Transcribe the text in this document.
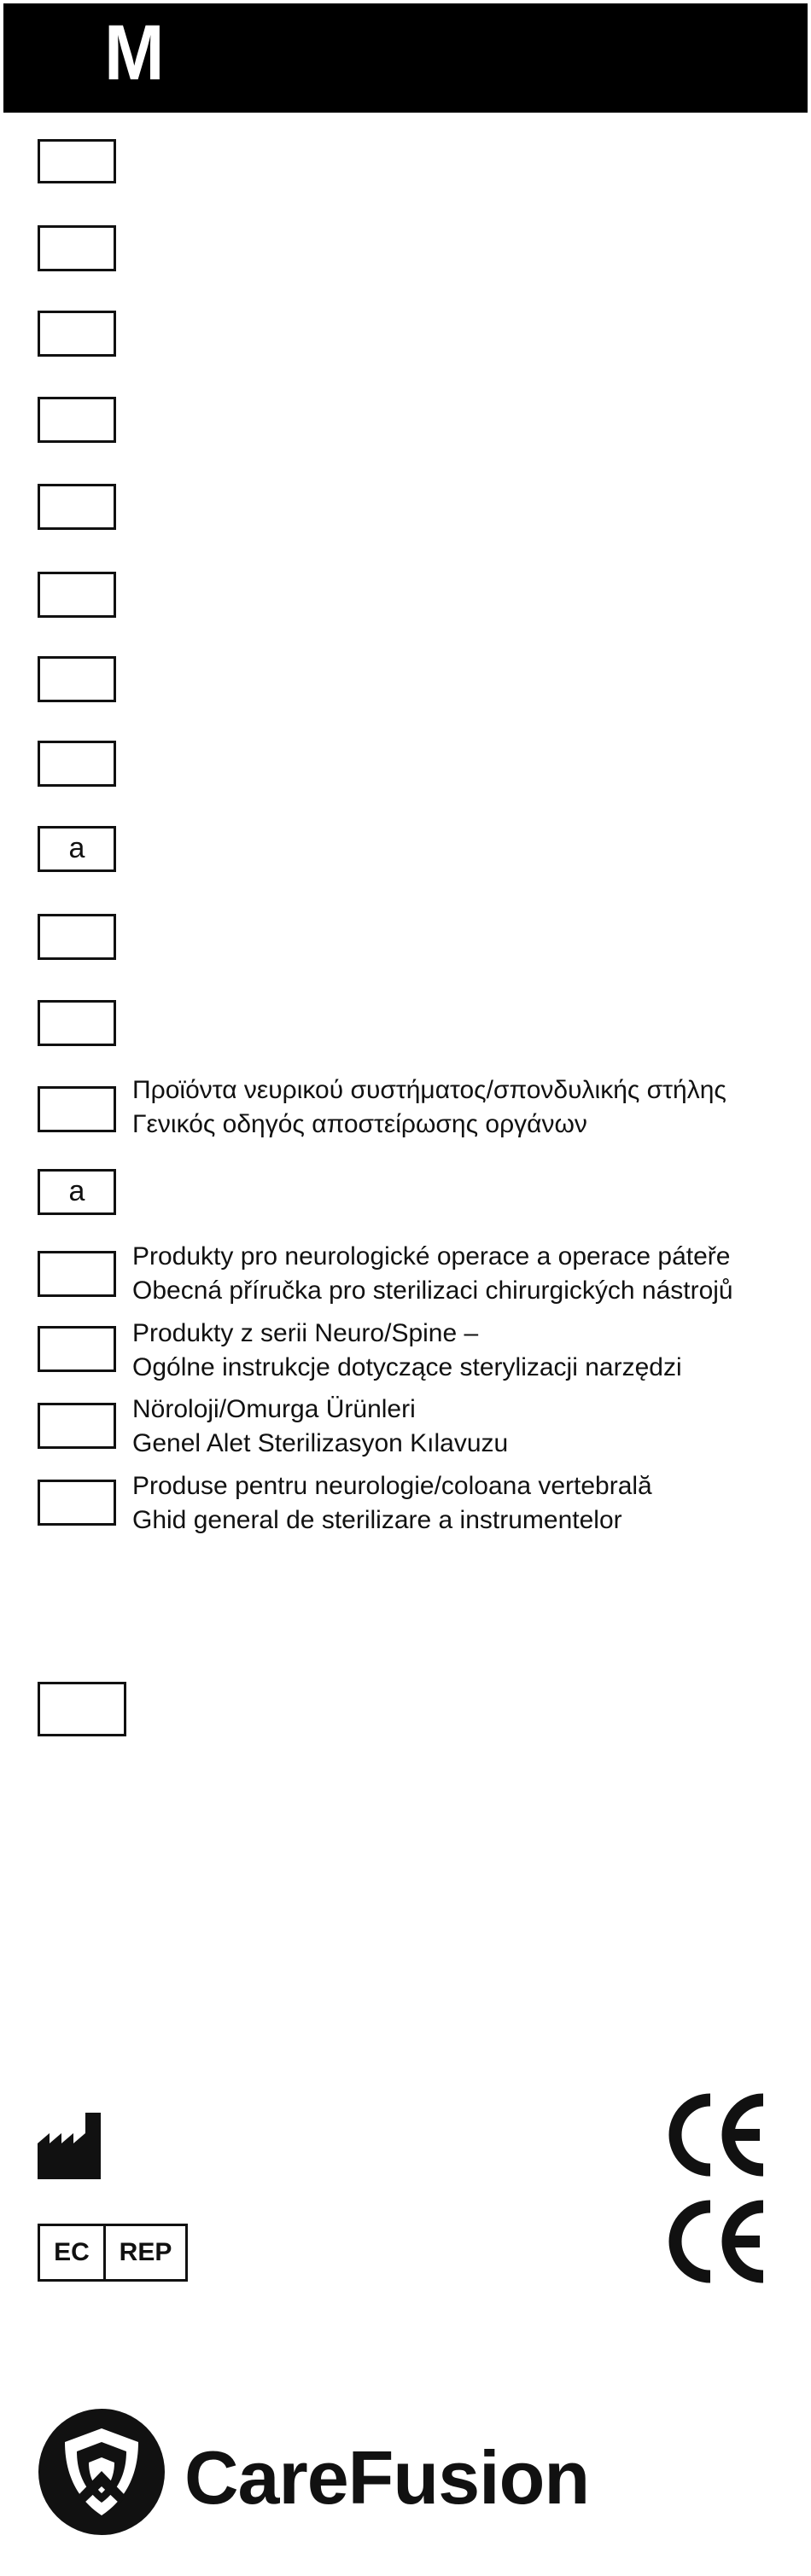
M
a
a
Προϊόντα νευρικού συστήματος/σπονδυλικής στήλης
Γενικός οδηγός αποστείρωσης οργάνων
Produkty pro neurologické operace a operace páteře
Obecná příručka pro sterilizaci chirurgických nástrojů
Produkty z serii Neuro/Spine –
Ogólne instrukcje dotyczące sterylizacji narzędzi
Nöroloji/Omurga Ürünleri
Genel Alet Sterilizasyon Kılavuzu
Produse pentru neurologie/coloana vertebrală
Ghid general de sterilizare a instrumentelor
EC	REP
CareFusion
